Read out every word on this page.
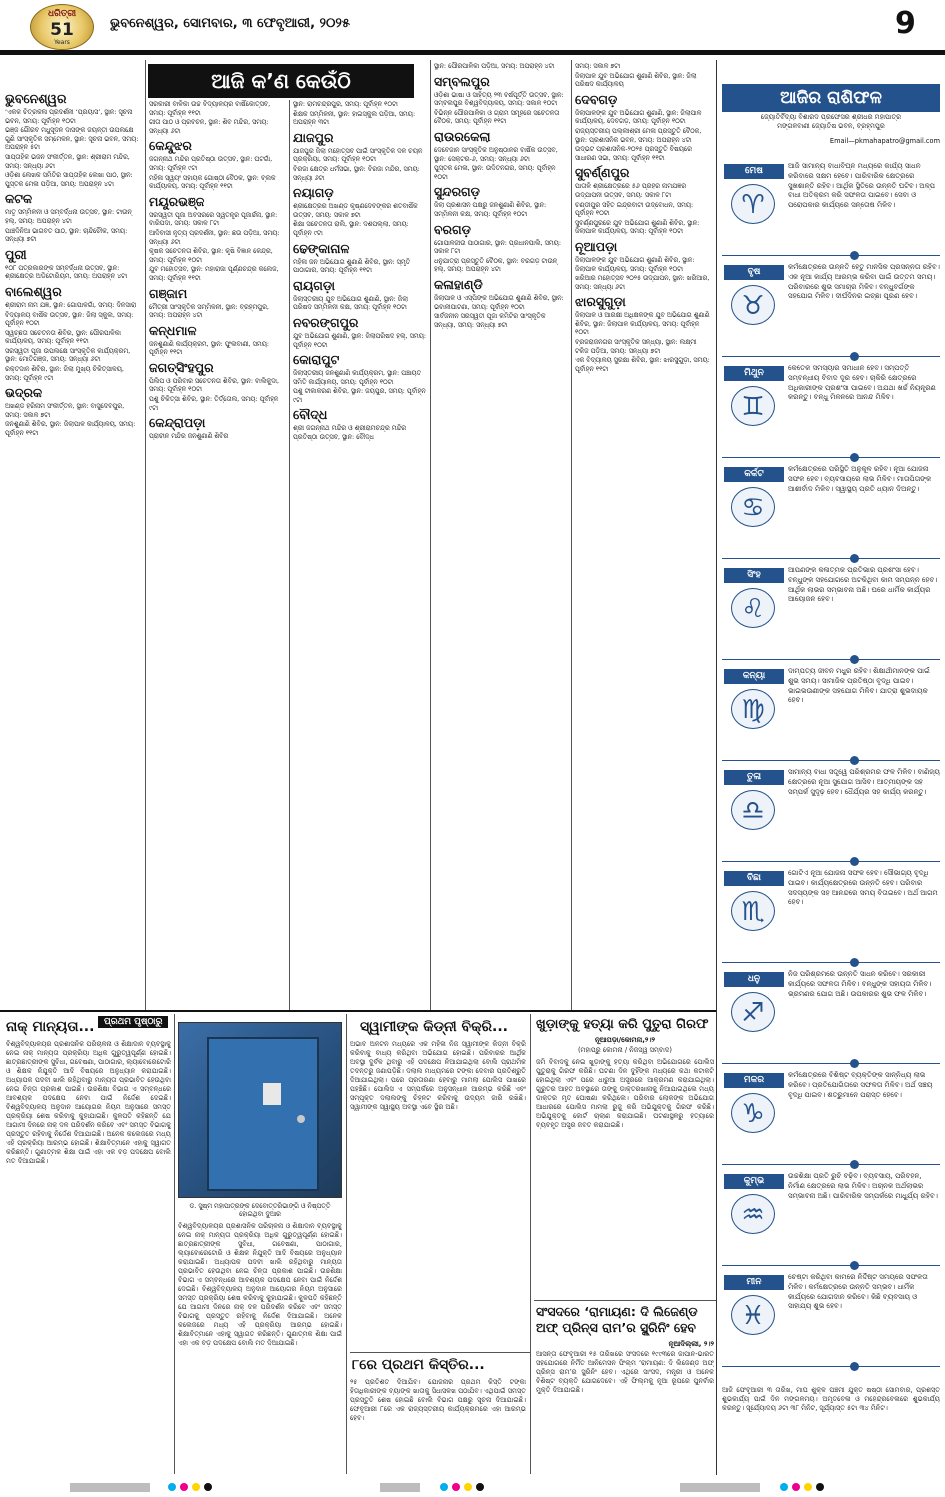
ଧରିତ୍ରୀ
51
Years
ଭୁବନେଶ୍ୱର, ସୋମବାର, ୩ ଫେବୃଆରୀ, ୨୦୨୫	9
ଆଜି କ’ଣ କେଉଁଠି
ଭୁବନେଶ୍ୱର
‘ଏକକ ଚିତ୍ରକଳା ପ୍ରଦର୍ଶନୀ ‘ପ୍ରୟାସ’, ସ୍ଥାନ: ସୂଚନା ଭବନ, ସମୟ: ପୂର୍ବାହ୍ନ ୧୦ଟା
ଭଞ୍ଜ ଗୌରବ ମଧୁସୂଦନ ଦାସଙ୍କ ଜୟନ୍ତୀ ଉପଲକ୍ଷେ ଗୁଣି ସାଂସ୍କୃତିକ ସମ୍ମେଳନ, ସ୍ଥାନ: ସୂଚନା ଭବନ, ସମୟ: ଅପରାହ୍ନ ୫ଟା
ସାପ୍ତାହିକ ଭଜନ ସଂକୀର୍ତ୍ତନ, ସ୍ଥାନ: ଶ୍ରୀରାମ ମନ୍ଦିର, ସମୟ: ସନ୍ଧ୍ୟା ୬ଟା
ଓଡ଼ିଶା ଲେଖକ ସମିତିର ସାପ୍ତାହିକ ଲେଖା ପାଠ, ସ୍ଥାନ: ପୁସ୍ତକ ମେଳା ପଡ଼ିଆ, ସମୟ: ଅପରାହ୍ନ ୪ଟା
କଟକ
ମାତୃ ସମ୍ମିଳନୀ ଓ ସମ୍ବର୍ଦ୍ଧନା ଉତ୍ସବ, ସ୍ଥାନ: ଟାଉନ୍ ହଲ୍, ସମୟ: ଅପରାହ୍ନ ୪ଟା
ପାଞ୍ଚଦିନିଆ ଭାଗବତ ପାଠ, ସ୍ଥାନ: ଚାନ୍ଦିଚୌକ, ସମୟ: ସନ୍ଧ୍ୟା ୭ଟା
ପୁରୀ
୧୦୮ ପତ୍ରକାରଙ୍କ ସମ୍ବର୍ଦ୍ଧନା ଉତ୍ସବ, ସ୍ଥାନ: ଶ୍ରୀକ୍ଷେତ୍ର ଅଡିଟୋରିୟମ, ସମୟ: ଅପରାହ୍ନ ୪ଟା
ବାଲେଶ୍ୱର
ଶ୍ରୀରାମ ନାମ ଯଜ୍ଞ, ସ୍ଥାନ: ଗୋପାଳଗାଁ, ସମୟ: ଦିନସାରା
ବିଦ୍ୟାଳୟ ବାର୍ଷିକ ଉତ୍ସବ, ସ୍ଥାନ: ଜିଲା ସ୍କୁଲ, ସମୟ: ପୂର୍ବାହ୍ନ ୧୦ଟା
ସ୍ୱଚ୍ଛତା ସଚେତନତା ଶିବିର, ସ୍ଥାନ: ପୌରପାଳିକା କାର୍ଯ୍ୟାଳୟ, ସମୟ: ପୂର୍ବାହ୍ନ ୧୧ଟା
ସରସ୍ୱତୀ ପୂଜା ଉପଲକ୍ଷେ ସାଂସ୍କୃତିକ କାର୍ଯ୍ୟକ୍ରମ, ସ୍ଥାନ: ମୋତିଗଞ୍ଜ, ସମୟ: ସନ୍ଧ୍ୟା ୬ଟା
ରକ୍ତଦାନ ଶିବିର, ସ୍ଥାନ: ଜିଲା ମୁଖ୍ୟ ଚିକିତ୍ସାଳୟ, ସମୟ: ପୂର୍ବାହ୍ନ ୯ଟା
ଭଦ୍ରକ
ଅଖଣ୍ଡ ହରିନାମ ସଂକୀର୍ତ୍ତନ, ସ୍ଥାନ: ବାସୁଦେବପୁର, ସମୟ: ସକାଳ ୭ଟା
ଜନଶୁଣାଣି ଶିବିର, ସ୍ଥାନ: ଜିଲାପାଳ କାର୍ଯ୍ୟାଳୟ, ସମୟ: ପୂର୍ବାହ୍ନ ୧୧ଟା
ସରକାରୀ ବାଳିକା ଉଚ୍ଚ ବିଦ୍ୟାଳୟର ବାର୍ଷିକୋତ୍ସବ, ସମୟ: ପୂର୍ବାହ୍ନ ୧୧ଟା
ଗୀତା ପାଠ ଓ ପ୍ରବଚନ, ସ୍ଥାନ: ଶିବ ମନ୍ଦିର, ସମୟ: ସନ୍ଧ୍ୟା ୬ଟା
କେନ୍ଦୁଝର
ଜଗନ୍ନାଥ ମନ୍ଦିର ପ୍ରତିଷ୍ଠା ଉତ୍ସବ, ସ୍ଥାନ: ଘଟଗାଁ, ସମୟ: ପୂର୍ବାହ୍ନ ୯ଟା
ମହିଳା ସ୍ୱୟଂ ସହାୟକ ଗୋଷ୍ଠୀ ବୈଠକ, ସ୍ଥାନ: ବ୍ଲକ କାର୍ଯ୍ୟାଳୟ, ସମୟ: ପୂର୍ବାହ୍ନ ୧୧ଟା
ମୟୂରଭଞ୍ଜ
ସରସ୍ୱତୀ ପୂଜା ଅବସରରେ ସ୍ୱତନ୍ତ୍ର ପୂଜାର୍ଚ୍ଚନା, ସ୍ଥାନ: ବାରିପଦା, ସମୟ: ସକାଳ ୮ଟା
ଆଦିବାସୀ ନୃତ୍ୟ ପ୍ରଦର୍ଶନୀ, ସ୍ଥାନ: ଛଉ ପଡ଼ିଆ, ସମୟ: ସନ୍ଧ୍ୟା ୬ଟା
କୃଷକ ସଚେତନତା ଶିବିର, ସ୍ଥାନ: କୃଷି ବିଜ୍ଞାନ କେନ୍ଦ୍ର, ସମୟ: ପୂର୍ବାହ୍ନ ୧୦ଟା
ଯୁବ ମହୋତ୍ସବ, ସ୍ଥାନ: ମହାରାଜା ପୂର୍ଣ୍ଣଚନ୍ଦ୍ର କଲେଜ, ସମୟ: ପୂର୍ବାହ୍ନ ୧୧ଟା
ଗଞ୍ଜାମ
ମୈତ୍ରୀ ସାଂସ୍କୃତିକ ସମ୍ମିଳନୀ, ସ୍ଥାନ: ବ୍ରହ୍ମପୁର, ସମୟ: ଅପରାହ୍ନ ୪ଟା
କନ୍ଧମାଳ
ଜନଶୁଣାଣି କାର୍ଯ୍ୟକ୍ରମ, ସ୍ଥାନ: ଫୁଲବାଣୀ, ସମୟ: ପୂର୍ବାହ୍ନ ୧୧ଟା
ଜଗତ୍‌ସିଂହପୁର
ପିଲିପ ଓ ପରିବାର ସଚେତନତା ଶିବିର, ସ୍ଥାନ: ବାଲିକୁଦା, ସମୟ: ପୂର୍ବାହ୍ନ ୧୦ଟା
ପଶୁ ଚିକିତ୍ସା ଶିବିର, ସ୍ଥାନ: ତିର୍ତ୍ତୋଲ, ସମୟ: ପୂର୍ବାହ୍ନ ୯ଟା
କେନ୍ଦ୍ରାପଡ଼ା
ପ୍ରାଚୀନ ମନ୍ଦିର ଜନଶୁଣାଣି ଶିବିର
ସ୍ଥାନ: ରାମଚନ୍ଦ୍ରପୁର, ସମୟ: ପୂର୍ବାହ୍ନ ୧୦ଟା
ଶିକ୍ଷକ ସମ୍ମିଳନୀ, ସ୍ଥାନ: ହାଇସ୍କୁଲ ପଡ଼ିଆ, ସମୟ: ଅପରାହ୍ନ ୩ଟା
ଯାଜପୁର
ଯାଜପୁର ଜିଲା ମହୋତ୍ସବ ପାଇଁ ସାଂସ୍କୃତିକ ଦଳ ଚୟନ ପ୍ରକ୍ରିୟା, ସମୟ: ପୂର୍ବାହ୍ନ ୧୦ଟା
ବିରଜା କ୍ଷେତ୍ର ଧର୍ମସଭା, ସ୍ଥାନ: ବିରଜା ମନ୍ଦିର, ସମୟ: ସନ୍ଧ୍ୟା ୬ଟା
ନୟାଗଡ଼
ଶ୍ରୀକ୍ଷେତ୍ରର ଅଖଣ୍ଡ କୃଷ୍ଣଦେବଙ୍କର ଶତବାର୍ଷିକ ଉତ୍ସବ, ସମୟ: ସକାଳ ୭ଟା
ଶିକ୍ଷା ସଚେତନତା ରାଲି, ସ୍ଥାନ: ଦଶପଲ୍ଲା, ସମୟ: ପୂର୍ବାହ୍ନ ୯ଟା
ଢେଙ୍କାନାଳ
ମହିଳା ଜନ ଅଭିଯୋଗ ଶୁଣାଣି ଶିବିର, ସ୍ଥାନ: ସ୍ମୃତି ପାଠାଗାର, ସମୟ: ପୂର୍ବାହ୍ନ ୧୧ଟା
ରାୟଗଡ଼ା
ଜିଲାସ୍ତରୀୟ ଯୁବ ଅଭିଯୋଗ ଶୁଣାଣି, ସ୍ଥାନ: ଜିଲା ପରିଷଦ ସମ୍ମିଳନୀ କକ୍ଷ, ସମୟ: ପୂର୍ବାହ୍ନ ୧୦ଟା
ନବରଙ୍ଗପୁର
ଯୁବ ଅଭିଯୋଗ ଶୁଣାଣି, ସ୍ଥାନ: ଜିଲାପରିଷଦ ହଲ୍, ସମୟ: ପୂର୍ବାହ୍ନ ୧୦ଟା
କୋରାପୁଟ
ଜିଲାସ୍ତରୀୟ ଜନଶୁଣାଣି କାର୍ଯ୍ୟକ୍ରମ, ସ୍ଥାନ: ପଞ୍ଚାୟତ ସମିତି କାର୍ଯ୍ୟାଳୟ, ସମୟ: ପୂର୍ବାହ୍ନ ୧୦ଟା
ପଶୁ ଟୀକାକରଣ ଶିବିର, ସ୍ଥାନ: ଜୟପୁର, ସମୟ: ପୂର୍ବାହ୍ନ ୯ଟା
ବୌଦ୍ଧ
ଶ୍ରୀ ଜଗନ୍ନାଥ ମନ୍ଦିର ଓ ଶ୍ରୀରାମଚନ୍ଦ୍ର ମନ୍ଦିର ପ୍ରତିଷ୍ଠା ଉତ୍ସବ, ସ୍ଥାନ: ବୌଦ୍ଧ
ସ୍ଥାନ: ପୌରପାଳିକା ପଡ଼ିଆ, ସମୟ: ଅପରାହ୍ନ ୪ଟା
ସମ୍ବଲପୁର
ଓଡ଼ିଶା ଭାଷା ଓ ସାହିତ୍ୟ ୨୩ ବର୍ଷପୂର୍ତ୍ତି ଉତ୍ସବ, ସ୍ଥାନ: ସମ୍ବଲପୁର ବିଶ୍ୱବିଦ୍ୟାଳୟ, ସମୟ: ସକାଳ ୧୦ଟା
ବିଭିନ୍ନ ପୌରପାଳିକା ଓ ଗ୍ରାମ ସମୂହରେ ସଚେତନତା ବୈଠକ, ସମୟ: ପୂର୍ବାହ୍ନ ୧୧ଟା
ରାଉରକେଲା
ଦେବେଜାନ ସାଂସ୍କୃତିକ ଅନୁଷ୍ଠାନର ବାର୍ଷିକ ଉତ୍ସବ, ସ୍ଥାନ: ସେକ୍ଟର-୬, ସମୟ: ସନ୍ଧ୍ୟା ୬ଟା
ପୁସ୍ତକ ମେଳା, ସ୍ଥାନ: ଉଦିତନଗର, ସମୟ: ପୂର୍ବାହ୍ନ ୧୦ଟା
ସୁନ୍ଦରଗଡ଼
ଜିଲା ପ୍ରଶାସନ ପକ୍ଷରୁ ଜନଶୁଣାଣି ଶିବିର, ସ୍ଥାନ: ସମ୍ମିଳନୀ କକ୍ଷ, ସମୟ: ପୂର୍ବାହ୍ନ ୧୦ଟା
ବରଗଡ଼
ଗୋପାଳଜୀଉ ପାଠାଗାର, ସ୍ଥାନ: ପ୍ରଧାନପାଲି, ସମୟ: ସକାଳ ୮ଟା
ଧନୁଯାତ୍ରା ପ୍ରସ୍ତୁତି ବୈଠକ, ସ୍ଥାନ: ବରଗଡ଼ ଟାଉନ୍ ହଲ୍, ସମୟ: ଅପରାହ୍ନ ୪ଟା
କଳାହାଣ୍ଡି
ଜିଲାପାଳ ଓ ଏସ୍‌ପିଙ୍କ ଅଭିଯୋଗ ଶୁଣାଣି ଶିବିର, ସ୍ଥାନ: ଭବାନୀପାଟଣା, ସମୟ: ପୂର୍ବାହ୍ନ ୧୦ଟା
ସାର୍ବଜନୀନ ସରସ୍ୱତୀ ପୂଜା କମିଟିର ସାଂସ୍କୃତିକ ସନ୍ଧ୍ୟା, ସମୟ: ସନ୍ଧ୍ୟା ୭ଟା
ସମୟ: ସକାଳ ୭ଟା
ଜିଲାପାଳ ଯୁବ ଅଭିଯୋଗ ଶୁଣାଣି ଶିବିର, ସ୍ଥାନ: ଜିଲା ପରିଷଦ କାର୍ଯ୍ୟାଳୟ
ଦେବଗଡ଼
ଜିଲାପାଳଙ୍କ ଯୁବ ଅଭିଯୋଗ ଶୁଣାଣି, ସ୍ଥାନ: ଜିଲାପାଳ କାର୍ଯ୍ୟାଳୟ, ଦେବଗଡ଼, ସମୟ: ପୂର୍ବାହ୍ନ ୧୦ଟା
ରାଜ୍ୟସ୍ତରୀୟ ପଲ୍ଲୀଶ୍ରୀ ମେଳା ପ୍ରସ୍ତୁତି ବୈଠକ, ସ୍ଥାନ: ପ୍ରଶାସନିକ ଭବନ, ସମୟ: ଅପରାହ୍ନ ୪ଟା
ଉଦ୍ଭଟ ପ୍ରଶାସନିକ-୨୦୨୫ ପ୍ରସ୍ତୁତି ବିଷୟରେ ସାଧାରଣ ସଭା, ସମୟ: ପୂର୍ବାହ୍ନ ୧୧ଟା
ସୁବର୍ଣ୍ଣପୁର
ପାତାଳି ଶ୍ରୀକ୍ଷେତ୍ରରେ ୫୬ ପ୍ରହର ନାମଯଜ୍ଞର ଉଦ୍‌ଯାପନୀ ଉତ୍ସବ, ସମୟ: ସକାଳ ୮ଟା
ଚଣ୍ଡୀପୁର ସହିତ ଇନ୍ଦ୍ରବାଟୀ ଉଦ୍‌ବୋଧନ, ସମୟ: ପୂର୍ବାହ୍ନ ୧୦ଟା
ସୁବର୍ଣ୍ଣପୁରରେ ଯୁବ ଅଭିଯୋଗ ଶୁଣାଣି ଶିବିର, ସ୍ଥାନ: ଜିଲାପାଳ କାର୍ଯ୍ୟାଳୟ, ସମୟ: ପୂର୍ବାହ୍ନ ୧୦ଟା
ନୂଆପଡ଼ା
ଜିଲାପାଳଙ୍କ ଯୁବ ଅଭିଯୋଗ ଶୁଣାଣି ଶିବିର, ସ୍ଥାନ: ଜିଲାପାଳ କାର୍ଯ୍ୟାଳୟ, ସମୟ: ପୂର୍ବାହ୍ନ ୧୦ଟା
ଖରିଆର ମହୋତ୍ସବ ୨୦୨୫ ଉଦ୍‌ଯାପନ, ସ୍ଥାନ: ଖରିଆର, ସମୟ: ସନ୍ଧ୍ୟା ୬ଟା
ଝାରସୁଗୁଡ଼ା
ଜିଲାପାଳ ଓ ଆରକ୍ଷୀ ଅଧିକ୍ଷକଙ୍କ ଯୁବ ଅଭିଯୋଗ ଶୁଣାଣି ଶିବିର, ସ୍ଥାନ: ଜିଲାପାଳ କାର୍ଯ୍ୟାଳୟ, ସମୟ: ପୂର୍ବାହ୍ନ ୧୦ଟା
ବ୍ରଜରାଜନଗର ସାଂସ୍କୃତିକ ସନ୍ଧ୍ୟା, ସ୍ଥାନ: ଲକ୍ଷ୍ମୀ ଟକିଜ ପଡ଼ିଆ, ସମୟ: ସନ୍ଧ୍ୟା ୭ଟା
ଏକ ବିଦ୍ୟାଳୟ ସୁରକ୍ଷା ଶିବିର, ସ୍ଥାନ: ଝାରସୁଗୁଡ଼ା, ସମୟ: ପୂର୍ବାହ୍ନ ୧୧ଟା
ଆଜିର ରାଶିଫଳ
ଜ୍ୟୋତିର୍ବିଦ୍ୟା ବିଶାରଦ ପ୍ରଫେସର ଶ୍ରୀଧର ମହାପାତ୍ର
ମଙ୍ଗଳବାଣୀ ଜ୍ୟୋତିଷ ଭବନ, ବ୍ରହ୍ମପୁର
Email—pkmahapatro@gmail.com
ମେଷ
♈
ଆଜି ସାମାନ୍ୟ ବାଧାବିଘ୍ନ ମଧ୍ୟରେ କାର୍ଯ୍ୟ ସାଧନ କରିବାରେ ସକ୍ଷମ ହେବେ। ପାରିବାରିକ କ୍ଷେତ୍ରରେ ସୁଖଶାନ୍ତି ରହିବ। ଆର୍ଥିକ ସ୍ଥିତିରେ ଉନ୍ନତି ଘଟିବ। ଅଳ୍ପ ବାଧା ଅତିକ୍ରମ କରି ସଫଳତା ପାଇବେ। ସେବା ଓ ପରୋପକାର କାର୍ଯ୍ୟରେ ସନ୍ତୋଷ ମିଳିବ।
ବୃଷ
♉
କର୍ମକ୍ଷେତ୍ରରେ ଉନ୍ନତି ହେତୁ ମାନସିକ ପ୍ରସନ୍ନତା ରହିବ। ଏକ ନୂଆ କାର୍ଯ୍ୟ ଆରମ୍ଭ କରିବା ପାଇଁ ଉତ୍ତମ ସମୟ। ପରିବାରରେ ଶୁଭ ସମାଚାର ମିଳିବ। ବନ୍ଧୁବର୍ଗଙ୍କ ସହଯୋଗ ମିଳିବ। ଦୀର୍ଘଦିନର ଇଚ୍ଛା ପୂରଣ ହେବ।
ମିଥୁନ
♊
କେତେକ ସମସ୍ୟାର ସମାଧାନ ହେବ। ସମ୍ପତ୍ତି ସମ୍ବନ୍ଧୀୟ ବିବାଦ ଦୂର ହେବ। ଚାକିରି କ୍ଷେତ୍ରରେ ଅଧିକାରୀଙ୍କ ପ୍ରଶଂସା ପାଇବେ। ଅଯଥା ଖର୍ଚ୍ଚ ନିୟନ୍ତ୍ରଣ କରନ୍ତୁ। ବନ୍ଧୁ ମିଳନରେ ଆନନ୍ଦ ମିଳିବ।
କର୍କଟ
♋
କର୍ମକ୍ଷେତ୍ରରେ ପରିସ୍ଥିତି ଅନୁକୂଳ ରହିବ। ନୂଆ ଯୋଜନା ସଫଳ ହେବ। ବ୍ୟବସାୟରେ ଲାଭ ମିଳିବ। ମାତାପିତାଙ୍କ ଆଶୀର୍ବାଦ ମିଳିବ। ସ୍ୱାସ୍ଥ୍ୟ ପ୍ରତି ଧ୍ୟାନ ଦିଅନ୍ତୁ।
ସିଂହ
♌
ଆପଣଙ୍କ କଳାତ୍ମକ ପ୍ରତିଭାର ପ୍ରଶଂସା ହେବ। ବନ୍ଧୁଙ୍କ ସହଯୋଗରେ ଅଟକିଥିବା କାମ ସମ୍ପନ୍ନ ହେବ। ଆର୍ଥିକ ଲାଭର ସମ୍ଭାବନା ଅଛି। ଘରେ ଧାର୍ମିକ କାର୍ଯ୍ୟର ଆୟୋଜନ ହେବ।
କନ୍ୟା
♍
ଦାମ୍ପତ୍ୟ ଜୀବନ ମଧୁର ରହିବ। ଶିକ୍ଷାର୍ଥୀମାନଙ୍କ ପାଇଁ ଶୁଭ ସମୟ। ସାମାଜିକ ପ୍ରତିଷ୍ଠା ବୃଦ୍ଧି ପାଇବ। ଭାଇଭଉଣୀଙ୍କ ସହଯୋଗ ମିଳିବ। ଯାତ୍ରା ଶୁଭଦାୟକ ହେବ।
ତୁଳା
♎
ସାମାନ୍ୟ ବାଧା ସତ୍ତ୍ୱେ ପରିଶ୍ରମର ଫଳ ମିଳିବ। ବାଣିଜ୍ୟ କ୍ଷେତ୍ରରେ ନୂଆ ସୁଯୋଗ ଆସିବ। ଆତ୍ମୀୟଙ୍କ ସହ ସମ୍ପର୍କ ସୁଦୃଢ଼ ହେବ। ଧୈର୍ଯ୍ୟର ସହ କାର୍ଯ୍ୟ କରନ୍ତୁ।
ବିଛା
♏
ଗୋଟିଏ ନୂଆ ଯୋଜନା ସଫଳ ହେବ। ସୌଭାଗ୍ୟ ବୃଦ୍ଧି ପାଇବ। କାର୍ଯ୍ୟକ୍ଷେତ୍ରରେ ଉନ୍ନତି ହେବ। ପରିବାର ସଦସ୍ୟଙ୍କ ସହ ଆନନ୍ଦରେ ସମୟ ବିତାଇବେ। ଅର୍ଥ ଆଗମ ହେବ।
ଧନୁ
♐
ନିଜ ପରିଶ୍ରମରେ ଉନ୍ନତି ସାଧନ କରିବେ। ସରକାରୀ କାର୍ଯ୍ୟରେ ସଫଳତା ମିଳିବ। ବନ୍ଧୁଙ୍କ ସହାୟତା ମିଳିବ। ଭ୍ରମଣର ଯୋଗ ଅଛି। ଉପକାରର ଶୁଭ ଫଳ ମିଳିବ।
ମକର
♑
କର୍ମକ୍ଷେତ୍ରରେ ବିଶିଷ୍ଟ ବ୍ୟକ୍ତିଙ୍କ ସାନ୍ନିଧ୍ୟ ଲାଭ କରିବେ। ପ୍ରତିଯୋଗିତାରେ ସଫଳତା ମିଳିବ। ଅର୍ଥ ସଞ୍ଚୟ ବୃଦ୍ଧି ପାଇବ। ଶତ୍ରୁମାନେ ପରାସ୍ତ ହେବେ।
କୁମ୍ଭ
♒
ଉଚ୍ଚଶିକ୍ଷା ପ୍ରତି ରୁଚି ବଢ଼ିବ। ବ୍ୟବସାୟ, ପରିବହନ, ନିର୍ମାଣ କ୍ଷେତ୍ରରେ ଲାଭ ମିଳିବ। ଅଚାନକ ଅର୍ଥଲାଭର ସମ୍ଭାବନା ଅଛି। ପାରିବାରିକ ସମ୍ପର୍କରେ ମାଧୁର୍ଯ୍ୟ ରହିବ।
ମୀନ
♓
ଚେଷ୍ଟା କରିଥିବା କାମରେ ନିର୍ଦ୍ଦିଷ୍ଟ ସମୟରେ ସଫଳତା ମିଳିବ। କର୍ମକ୍ଷେତ୍ରରେ ଉନ୍ନତି ସମ୍ଭବ। ଧାର୍ମିକ କାର୍ଯ୍ୟରେ ଯୋଗଦାନ କରିବେ। କିଛି ବ୍ୟବସାୟ ଓ ସାହାଯ୍ୟ ଶୁଭ ହେବ।
ଆଜି ଫେବୃଆରୀ ୩ ତାରିଖ, ମାଘ ଶୁକ୍ଳ ପଞ୍ଚମୀ ଯୁକ୍ତ ଷଷ୍ଠୀ ସୋମବାର, ପ୍ରଶସ୍ତ ଶୁଭକାର୍ଯ୍ୟ ପାଇଁ ଦିନ ମଙ୍ଗଳମୟ। ଅମୃତବେଳା ଓ ମହେନ୍ଦ୍ରବେଳାରେ ଶୁଭକାର୍ଯ୍ୟ କରନ୍ତୁ। ସୂର୍ଯ୍ୟୋଦୟ ୬ଟା ୩୮ ମିନିଟ, ସୂର୍ଯ୍ୟାସ୍ତ ୫ଟା ୩୪ ମିନିଟ।
ନାକ୍ ମାନ୍ୟତା...	ପ୍ରଥମ ପୃଷ୍ଠାରୁ
ବିଶ୍ୱବିଦ୍ୟାଳୟର ପ୍ରଶାସନିକ ପରିଚାଳନା ଓ ଶିକ୍ଷାଦାନ ବ୍ୟବସ୍ଥାକୁ ନେଇ ନାକ୍ ମାନ୍ୟତା ପ୍ରକ୍ରିୟା ଅଧିକ ଗୁରୁତ୍ୱପୂର୍ଣ୍ଣ ହୋଇଛି। ଛାତ୍ରଛାତ୍ରୀଙ୍କ ସୁବିଧା, ଗବେଷଣା, ପାଠାଗାର, ଲ୍ୟାବୋରେଟୋରି ଓ ଶିକ୍ଷକ ନିଯୁକ୍ତି ଆଦି ବିଷୟରେ ଅନୁଧ୍ୟାନ କରାଯାଇଛି। ଅଧ୍ୟାପକ ପଦବୀ ଖାଲି ରହିଥିବାରୁ ମାନ୍ୟତା ପ୍ରଭାବିତ ହେଉଥିବା ନେଇ ଚିନ୍ତା ପ୍ରକାଶ ପାଇଛି। ଉଚ୍ଚଶିକ୍ଷା ବିଭାଗ ଏ ସମ୍ବନ୍ଧରେ ଆବଶ୍ୟକ ପଦକ୍ଷେପ ନେବା ପାଇଁ ନିର୍ଦ୍ଦେଶ ଦେଇଛି। ବିଶ୍ୱବିଦ୍ୟାଳୟ ଅନୁଦାନ ଆୟୋଗର ନିୟମ ଅନୁସାରେ ସମସ୍ତ ପ୍ରକ୍ରିୟା ଶେଷ କରିବାକୁ କୁହାଯାଇଛି। କୁଳପତି କହିଛନ୍ତି ଯେ ଆଗାମୀ ଦିନରେ ନାକ୍ ଦଳ ପରିଦର୍ଶନ କରିବେ ଏବଂ ସମସ୍ତ ବିଭାଗକୁ ପ୍ରସ୍ତୁତ ରହିବାକୁ ନିର୍ଦ୍ଦେଶ ଦିଆଯାଇଛି। ଅନେକ କଲେଜରେ ମଧ୍ୟ ଏହି ପ୍ରକ୍ରିୟା ଆରମ୍ଭ ହୋଇଛି। ଶିକ୍ଷାବିତ୍‌ମାନେ ଏହାକୁ ସ୍ୱାଗତ କରିଛନ୍ତି। ଗୁଣାତ୍ମକ ଶିକ୍ଷା ପାଇଁ ଏହା ଏକ ବଡ଼ ପଦକ୍ଷେପ ବୋଲି ମତ ଦିଆଯାଇଛି।
ଡ. ସୁଷ୍ମ ମହାପାତ୍ରଙ୍କ ଦେବୋତ୍ତରିଭାଙ୍ଗି ଓ ନିଷ୍ପତ୍ତି ହୋଇଥିବା ଦୁଆର
ବିଶ୍ୱବିଦ୍ୟାଳୟର ପ୍ରଶାସନିକ ପରିଚାଳନା ଓ ଶିକ୍ଷାଦାନ ବ୍ୟବସ୍ଥାକୁ ନେଇ ନାକ୍ ମାନ୍ୟତା ପ୍ରକ୍ରିୟା ଅଧିକ ଗୁରୁତ୍ୱପୂର୍ଣ୍ଣ ହୋଇଛି। ଛାତ୍ରଛାତ୍ରୀଙ୍କ ସୁବିଧା, ଗବେଷଣା, ପାଠାଗାର, ଲ୍ୟାବୋରେଟୋରି ଓ ଶିକ୍ଷକ ନିଯୁକ୍ତି ଆଦି ବିଷୟରେ ଅନୁଧ୍ୟାନ କରାଯାଇଛି। ଅଧ୍ୟାପକ ପଦବୀ ଖାଲି ରହିଥିବାରୁ ମାନ୍ୟତା ପ୍ରଭାବିତ ହେଉଥିବା ନେଇ ଚିନ୍ତା ପ୍ରକାଶ ପାଇଛି। ଉଚ୍ଚଶିକ୍ଷା ବିଭାଗ ଏ ସମ୍ବନ୍ଧରେ ଆବଶ୍ୟକ ପଦକ୍ଷେପ ନେବା ପାଇଁ ନିର୍ଦ୍ଦେଶ ଦେଇଛି। ବିଶ୍ୱବିଦ୍ୟାଳୟ ଅନୁଦାନ ଆୟୋଗର ନିୟମ ଅନୁସାରେ ସମସ୍ତ ପ୍ରକ୍ରିୟା ଶେଷ କରିବାକୁ କୁହାଯାଇଛି। କୁଳପତି କହିଛନ୍ତି ଯେ ଆଗାମୀ ଦିନରେ ନାକ୍ ଦଳ ପରିଦର୍ଶନ କରିବେ ଏବଂ ସମସ୍ତ ବିଭାଗକୁ ପ୍ରସ୍ତୁତ ରହିବାକୁ ନିର୍ଦ୍ଦେଶ ଦିଆଯାଇଛି। ଅନେକ କଲେଜରେ ମଧ୍ୟ ଏହି ପ୍ରକ୍ରିୟା ଆରମ୍ଭ ହୋଇଛି। ଶିକ୍ଷାବିତ୍‌ମାନେ ଏହାକୁ ସ୍ୱାଗତ କରିଛନ୍ତି। ଗୁଣାତ୍ମକ ଶିକ୍ଷା ପାଇଁ ଏହା ଏକ ବଡ଼ ପଦକ୍ଷେପ ବୋଲି ମତ ଦିଆଯାଇଛି।
ସ୍ୱାମୀଙ୍କ କିଡ୍ନୀ ବିକ୍ରି...
ଅଭାବ ଅନଟନ ମଧ୍ୟରେ ଏକ ମହିଳା ନିଜ ସ୍ୱାମୀଙ୍କ କିଡ୍ନୀ ବିକ୍ରି କରିବାକୁ ବାଧ୍ୟ କରିଥିବା ଅଭିଯୋଗ ହୋଇଛି। ପରିବାରର ଆର୍ଥିକ ଅବସ୍ଥା ଦୁର୍ବଳ ଥିବାରୁ ଏହି ପଦକ୍ଷେପ ନିଆଯାଇଥିଲା ବୋଲି ପ୍ରାଥମିକ ତଦନ୍ତରୁ ଜଣାପଡ଼ିଛି। ଦଲାଲ ମାଧ୍ୟମରେ ଟଙ୍କା ଦେବାର ପ୍ରତିଶ୍ରୁତି ଦିଆଯାଇଥିଲା। ପରେ ପ୍ରତାରଣା ହେବାରୁ ମାମଲା ପୋଲିସ ପାଖରେ ପହଞ୍ଚିଛି। ପୋଲିସ ଏ ସମ୍ପର୍କରେ ଅନୁସନ୍ଧାନ ଆରମ୍ଭ କରିଛି ଏବଂ ସମ୍ପୃକ୍ତ ଦଲାଲଙ୍କୁ ଚିହ୍ନଟ କରିବାକୁ ଉଦ୍ୟମ ଜାରି ରଖିଛି। ସ୍ୱାମୀଙ୍କ ସ୍ୱାସ୍ଥ୍ୟ ଅବସ୍ଥା ଏବେ ସ୍ଥିର ଅଛି।
୮ରେ ପ୍ରଥମ କିସ୍ତିର...
୨୫ ପ୍ରତିଶତ ଦିଆଯିବ। ଯୋଜନାର ପ୍ରଥମ କିସ୍ତି ଟଙ୍କା ହିତାଧିକାରୀଙ୍କ ବ୍ୟାଙ୍କ ଖାତାକୁ ସିଧାସଳଖ ପଠାଯିବ। ଏଥିପାଇଁ ସମସ୍ତ ପ୍ରସ୍ତୁତି ଶେଷ ହୋଇଛି ବୋଲି ବିଭାଗ ପକ୍ଷରୁ ସୂଚନା ଦିଆଯାଇଛି। ଫେବୃଆରୀ ୮ରେ ଏକ ରାଜ୍ୟସ୍ତରୀୟ କାର୍ଯ୍ୟକ୍ରମରେ ଏହା ଆରମ୍ଭ ହେବ।
ଖୁଡ଼ାଙ୍କୁ ହତ୍ୟା କରି ପୁତୁରା ଗିରଫ
ନୂଆପଡ଼ା/କୋମନା,୨।୨
(ମହାପ୍ରୁ କୋମନା / ନିଜସ୍ୱ ସମ୍ବାଦ)
ଜମି ବିବାଦକୁ ନେଇ ଖୁଡ଼ାଙ୍କୁ ହତ୍ୟା କରିଥିବା ଅଭିଯୋଗରେ ପୋଲିସ ପୁତୁରାକୁ ଗିରଫ କରିଛି। ଘଟଣା ଦିନ ଦୁହିଁଙ୍କ ମଧ୍ୟରେ କଥା କଟାକଟି ହୋଇଥିଲା ଏବଂ ପରେ ଧାରୁଆ ଅସ୍ତ୍ରରେ ଆକ୍ରମଣ କରାଯାଇଥିଲା। ଗୁରୁତର ଆହତ ଅବସ୍ଥାରେ ତାଙ୍କୁ ଡାକ୍ତରଖାନାକୁ ନିଆଯାଇଥିଲେ ମଧ୍ୟ ଡାକ୍ତର ମୃତ ଘୋଷଣା କରିଥିଲେ। ପରିବାର ଲୋକଙ୍କ ଅଭିଯୋଗ ଆଧାରରେ ପୋଲିସ ମାମଲା ରୁଜୁ କରି ଅଭିଯୁକ୍ତକୁ ଗିରଫ କରିଛି। ଅଭିଯୁକ୍ତକୁ କୋର୍ଟ ଚାଲାଣ କରାଯାଇଛି। ଘଟଣାସ୍ଥଳରୁ ହତ୍ୟାରେ ବ୍ୟବହୃତ ଅସ୍ତ୍ର ଜବତ କରାଯାଇଛି।
ସଂସଦରେ ‘ରାମାୟଣ: ଦି ଲିଜେଣ୍ଡ ଅଫ୍ ପ୍ରିନ୍ସ ରାମ’ର ସ୍କ୍ରିନିଂ ହେବ
ନୂଆଦିଲ୍ଲୀ, ୨।୨
ଆସନ୍ତା ଫେବୃଆରୀ ୧୫ ତାରିଖରେ ସଂସଦରେ ୧୯୯୩ରେ ଜାପାନ-ଭାରତ ସହଯୋଗରେ ନିର୍ମିତ ଆନିମେସନ ଫିଲ୍ମ ‘ରାମାୟଣ: ଦି ଲିଜେଣ୍ଡ ଅଫ୍ ପ୍ରିନ୍ସ ରାମ’ର ସ୍କ୍ରିନିଂ ହେବ। ଏଥିରେ ସାଂସଦ, ମନ୍ତ୍ରୀ ଓ ଅନେକ ବିଶିଷ୍ଟ ବ୍ୟକ୍ତି ଯୋଗଦେବେ। ଏହି ଫିଲ୍ମକୁ ନୂଆ ରୂପରେ ପୁନର୍ବାର ମୁକ୍ତି ଦିଆଯାଇଛି।
